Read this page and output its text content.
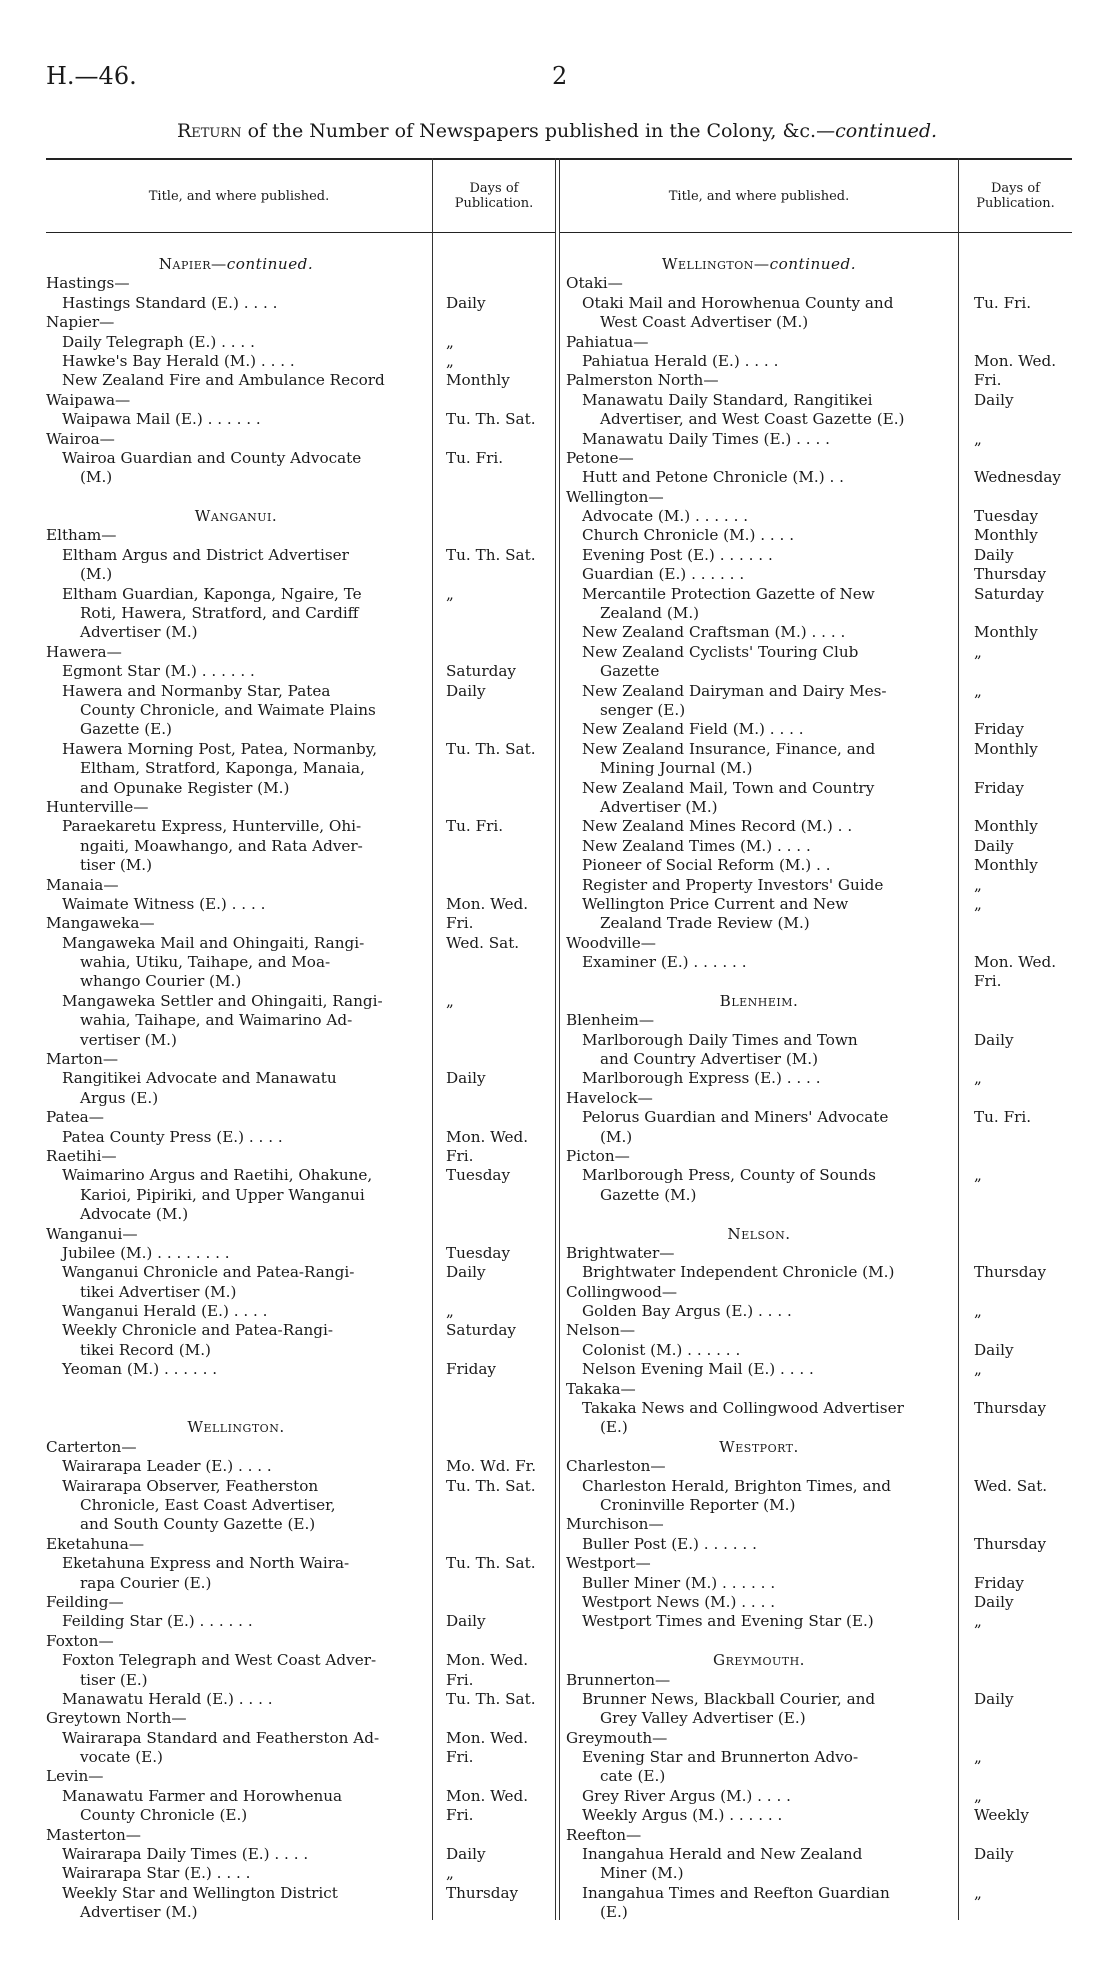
H.—46.	2
Return of the Number of Newspapers published in the Colony, &c.—continued.
Title, and where published.	Days of
Publication.	Title, and where published.	Days of
Publication.
Napier—continued.
Hastings—
Hastings Standard (E.) . . . .	Daily
Napier—
Daily Telegraph (E.) . . . .	„
Hawke's Bay Herald (M.) . . . .	„
New Zealand Fire and Ambulance Record	Monthly
Waipawa—
Waipawa Mail (E.) . . . . . .	Tu. Th. Sat.
Wairoa—
Wairoa Guardian and County Advocate	Tu. Fri.
(M.)
Wanganui.
Eltham—
Eltham Argus and District Advertiser	Tu. Th. Sat.
(M.)
Eltham Guardian, Kaponga, Ngaire, Te	„
Roti, Hawera, Stratford, and Cardiff
Advertiser (M.)
Hawera—
Egmont Star (M.) . . . . . .	Saturday
Hawera and Normanby Star, Patea	Daily
County Chronicle, and Waimate Plains
Gazette (E.)
Hawera Morning Post, Patea, Normanby,	Tu. Th. Sat.
Eltham, Stratford, Kaponga, Manaia,
and Opunake Register (M.)
Hunterville—
Paraekaretu Express, Hunterville, Ohi-	Tu. Fri.
ngaiti, Moawhango, and Rata Adver-
tiser (M.)
Manaia—
Waimate Witness (E.) . . . .	Mon. Wed.
Mangaweka—	Fri.
Mangaweka Mail and Ohingaiti, Rangi-	Wed. Sat.
wahia, Utiku, Taihape, and Moa-
whango Courier (M.)
Mangaweka Settler and Ohingaiti, Rangi-	„
wahia, Taihape, and Waimarino Ad-
vertiser (M.)
Marton—
Rangitikei Advocate and Manawatu	Daily
Argus (E.)
Patea—
Patea County Press (E.) . . . .	Mon. Wed.
Raetihi—	Fri.
Waimarino Argus and Raetihi, Ohakune,	Tuesday
Karioi, Pipiriki, and Upper Wanganui
Advocate (M.)
Wanganui—
Jubilee (M.) . . . . . . . .	Tuesday
Wanganui Chronicle and Patea-Rangi-	Daily
tikei Advertiser (M.)
Wanganui Herald (E.) . . . .	„
Weekly Chronicle and Patea-Rangi-	Saturday
tikei Record (M.)
Yeoman (M.) . . . . . .	Friday
Wellington.
Carterton—
Wairarapa Leader (E.) . . . .	Mo. Wd. Fr.
Wairarapa Observer, Featherston	Tu. Th. Sat.
Chronicle, East Coast Advertiser,
and South County Gazette (E.)
Eketahuna—
Eketahuna Express and North Waira-	Tu. Th. Sat.
rapa Courier (E.)
Feilding—
Feilding Star (E.) . . . . . .	Daily
Foxton—
Foxton Telegraph and West Coast Adver-	Mon. Wed.
tiser (E.)	Fri.
Manawatu Herald (E.) . . . .	Tu. Th. Sat.
Greytown North—
Wairarapa Standard and Featherston Ad-	Mon. Wed.
vocate (E.)	Fri.
Levin—
Manawatu Farmer and Horowhenua	Mon. Wed.
County Chronicle (E.)	Fri.
Masterton—
Wairarapa Daily Times (E.) . . . .	Daily
Wairarapa Star (E.) . . . .	„
Weekly Star and Wellington District	Thursday
Advertiser (M.)
Wellington—continued.
Otaki—
Otaki Mail and Horowhenua County and	Tu. Fri.
West Coast Advertiser (M.)
Pahiatua—
Pahiatua Herald (E.) . . . .	Mon. Wed.
Palmerston North—	Fri.
Manawatu Daily Standard, Rangitikei	Daily
Advertiser, and West Coast Gazette (E.)
Manawatu Daily Times (E.) . . . .	„
Petone—
Hutt and Petone Chronicle (M.) . .	Wednesday
Wellington—
Advocate (M.) . . . . . .	Tuesday
Church Chronicle (M.) . . . .	Monthly
Evening Post (E.) . . . . . .	Daily
Guardian (E.) . . . . . .	Thursday
Mercantile Protection Gazette of New	Saturday
Zealand (M.)
New Zealand Craftsman (M.) . . . .	Monthly
New Zealand Cyclists' Touring Club	„
Gazette
New Zealand Dairyman and Dairy Mes-	„
senger (E.)
New Zealand Field (M.) . . . .	Friday
New Zealand Insurance, Finance, and	Monthly
Mining Journal (M.)
New Zealand Mail, Town and Country	Friday
Advertiser (M.)
New Zealand Mines Record (M.) . .	Monthly
New Zealand Times (M.) . . . .	Daily
Pioneer of Social Reform (M.) . .	Monthly
Register and Property Investors' Guide	„
Wellington Price Current and New	„
Zealand Trade Review (M.)
Woodville—
Examiner (E.) . . . . . .	Mon. Wed.
Fri.
Blenheim.
Blenheim—
Marlborough Daily Times and Town	Daily
and Country Advertiser (M.)
Marlborough Express (E.) . . . .	„
Havelock—
Pelorus Guardian and Miners' Advocate	Tu. Fri.
(M.)
Picton—
Marlborough Press, County of Sounds	„
Gazette (M.)
Nelson.
Brightwater—
Brightwater Independent Chronicle (M.)	Thursday
Collingwood—
Golden Bay Argus (E.) . . . .	„
Nelson—
Colonist (M.) . . . . . .	Daily
Nelson Evening Mail (E.) . . . .	„
Takaka—
Takaka News and Collingwood Advertiser	Thursday
(E.)
Westport.
Charleston—
Charleston Herald, Brighton Times, and	Wed. Sat.
Croninville Reporter (M.)
Murchison—
Buller Post (E.) . . . . . .	Thursday
Westport—
Buller Miner (M.) . . . . . .	Friday
Westport News (M.) . . . .	Daily
Westport Times and Evening Star (E.)	„
Greymouth.
Brunnerton—
Brunner News, Blackball Courier, and	Daily
Grey Valley Advertiser (E.)
Greymouth—
Evening Star and Brunnerton Advo-	„
cate (E.)
Grey River Argus (M.) . . . .	„
Weekly Argus (M.) . . . . . .	Weekly
Reefton—
Inangahua Herald and New Zealand	Daily
Miner (M.)
Inangahua Times and Reefton Guardian	„
(E.)
